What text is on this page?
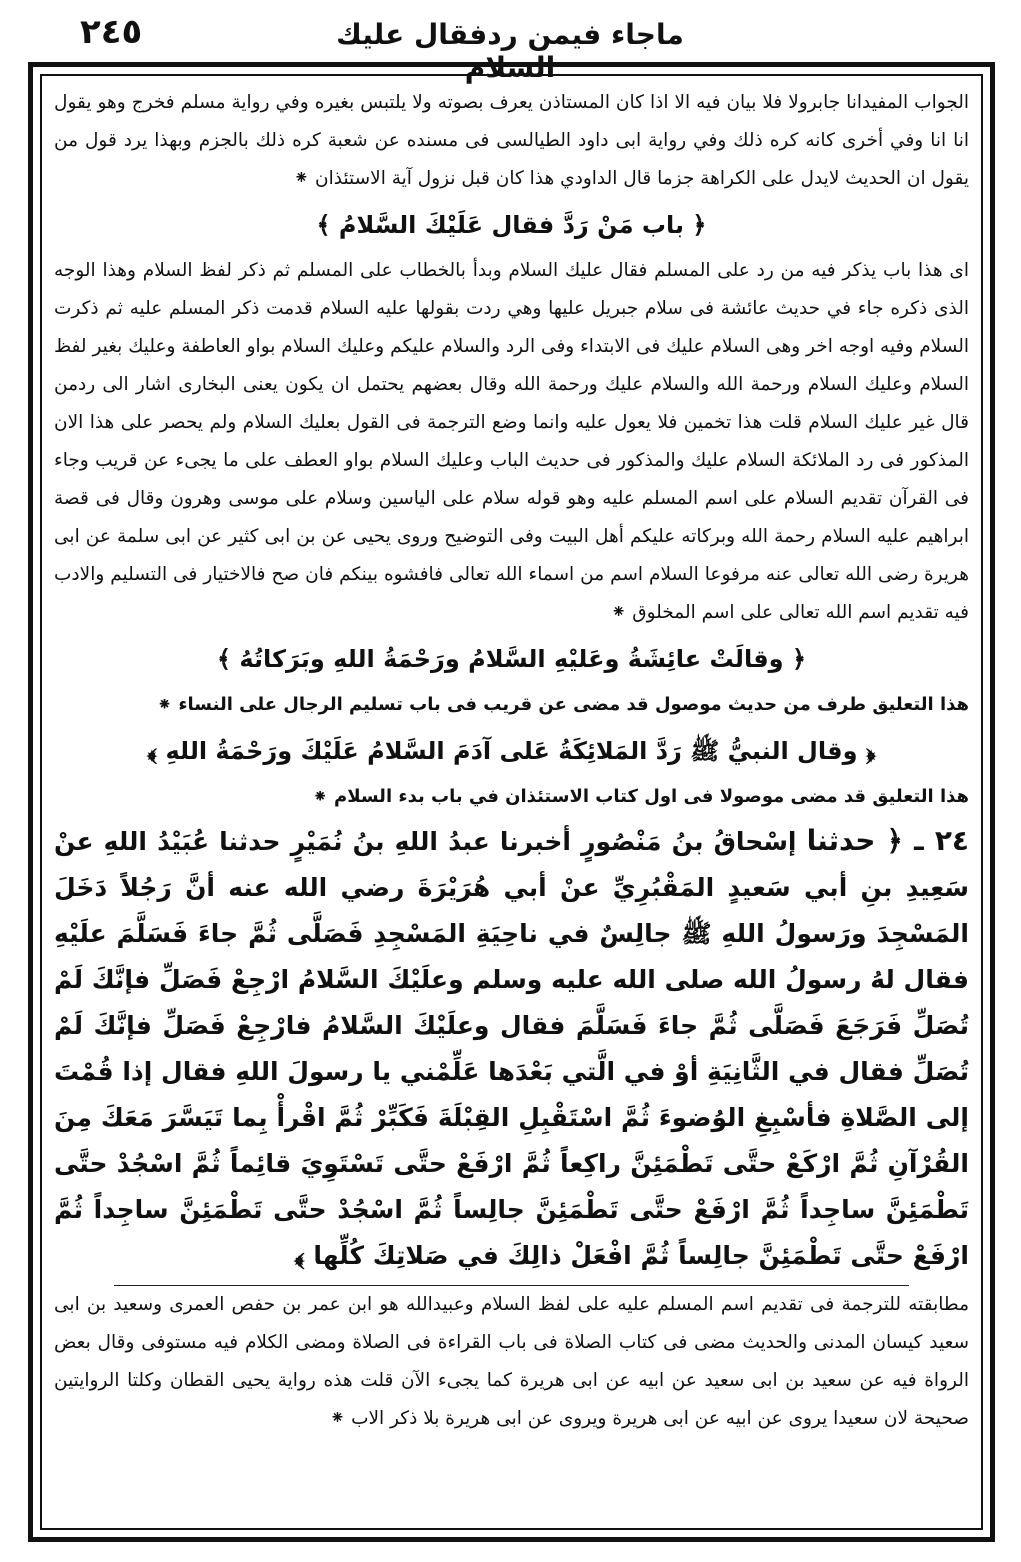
٢٤٥	ماجاء فيمن ردفقال عليك السلام

الجواب المفيدانا جابرولا فلا بيان فيه الا اذا كان المستاذن يعرف بصوته ولا يلتبس بغيره وفي رواية مسلم فخرج وهو يقول انا انا وفي أخرى كانه كره ذلك وفي رواية ابى داود الطيالسى فى مسنده عن شعبة كره ذلك بالجزم وبهذا يرد قول من يقول ان الحديث لايدل على الكراهة جزما قال الداودي هذا كان قبل نزول آية الاستئذان ⁕

﴿ باب مَنْ رَدَّ فقال عَلَيْكَ السَّلامُ ﴾

اى هذا باب يذكر فيه من رد على المسلم فقال عليك السلام وبدأ بالخطاب على المسلم ثم ذكر لفظ السلام وهذا الوجه الذى ذكره جاء في حديث عائشة فى سلام جبريل عليها وهي ردت بقولها عليه السلام قدمت ذكر المسلم عليه ثم ذكرت السلام وفيه اوجه اخر وهى السلام عليك فى الابتداء وفى الرد والسلام عليكم وعليك السلام بواو العاطفة وعليك بغير لفظ السلام وعليك السلام ورحمة الله والسلام عليك ورحمة الله وقال بعضهم يحتمل ان يكون يعنى البخارى اشار الى ردمن قال غير عليك السلام قلت هذا تخمين فلا يعول عليه وانما وضع الترجمة فى القول بعليك السلام ولم يحصر على هذا الان المذكور فى رد الملائكة السلام عليك والمذكور فى حديث الباب وعليك السلام بواو العطف على ما يجىء عن قريب وجاء فى القرآن تقديم السلام على اسم المسلم عليه وهو قوله سلام على الياسين وسلام على موسى وهرون وقال فى قصة ابراهيم عليه السلام رحمة الله وبركاته عليكم أهل البيت وفى التوضيح وروى يحيى عن بن ابى كثير عن ابى سلمة عن ابى هريرة رضى الله تعالى عنه مرفوعا السلام اسم من اسماء الله تعالى فافشوه بينكم فان صح فالاختيار فى التسليم والادب فيه تقديم اسم الله تعالى على اسم المخلوق ⁕

﴿ وقالَتْ عائِشَةُ وعَليْهِ السَّلامُ ورَحْمَةُ اللهِ وبَرَكاتُهُ ﴾

هذا التعليق طرف من حديث موصول قد مضى عن قريب فى باب تسليم الرجال على النساء ⁕

﴿ وقال النبيُّ ﷺ رَدَّ المَلائِكَةُ عَلى آدَمَ السَّلامُ عَلَيْكَ ورَحْمَةُ اللهِ ﴾

هذا التعليق قد مضى موصولا فى اول كتاب الاستئذان في باب بدء السلام ⁕

٢٤ ـ ﴿ حدثنا إسْحاقُ بنُ مَنْصُورٍ أخبرنا عبدُ اللهِ بنُ نُمَيْرٍ حدثنا عُبَيْدُ اللهِ عنْ سَعِيدِ بنِ أبي سَعيدٍ المَقْبُرِيِّ عنْ أبي هُرَيْرَةَ رضي الله عنه أنَّ رَجُلاً دَخَلَ المَسْجِدَ ورَسولُ اللهِ ﷺ جالِسٌ في ناحِيَةِ المَسْجِدِ فَصَلَّى ثُمَّ جاءَ فَسَلَّمَ علَيْهِ فقال لهُ رسولُ الله صلى الله عليه وسلم وعلَيْكَ السَّلامُ ارْجِعْ فَصَلِّ فإنَّكَ لَمْ تُصَلِّ فَرَجَعَ فَصَلَّى ثُمَّ جاءَ فَسَلَّمَ فقال وعلَيْكَ السَّلامُ فارْجِعْ فَصَلِّ فإنَّكَ لَمْ تُصَلِّ فقال في الثَّانِيَةِ أوْ في الَّتي بَعْدَها عَلِّمْني يا رسولَ اللهِ فقال إذا قُمْتَ إلى الصَّلاةِ فأسْبِغِ الوُضوءَ ثُمَّ اسْتَقْبِلِ القِبْلَةَ فَكَبِّرْ ثُمَّ اقْرأْ بِما تَيَسَّرَ مَعَكَ مِنَ القُرْآنِ ثُمَّ ارْكَعْ حتَّى تَطْمَئِنَّ راكِعاً ثُمَّ ارْفَعْ حتَّى تَسْتَوِيَ قائِماً ثُمَّ اسْجُدْ حتَّى تَطْمَئِنَّ ساجِداً ثُمَّ ارْفَعْ حتَّى تَطْمَئِنَّ جالِساً ثُمَّ اسْجُدْ حتَّى تَطْمَئِنَّ ساجِداً ثُمَّ ارْفَعْ حتَّى تَطْمَئِنَّ جالِساً ثُمَّ افْعَلْ ذالِكَ في صَلاتِكَ كُلِّها ﴾

مطابقته للترجمة فى تقديم اسم المسلم عليه على لفظ السلام وعبيدالله هو ابن عمر بن حفص العمرى وسعيد بن ابى سعيد كيسان المدنى والحديث مضى فى كتاب الصلاة فى باب القراءة فى الصلاة ومضى الكلام فيه مستوفى وقال بعض الرواة فيه عن سعيد بن ابى سعيد عن ابيه عن ابى هريرة كما يجىء الآن قلت هذه رواية يحيى القطان وكلتا الروايتين صحيحة لان سعيدا يروى عن ابيه عن ابى هريرة ويروى عن ابى هريرة بلا ذكر الاب ⁕
